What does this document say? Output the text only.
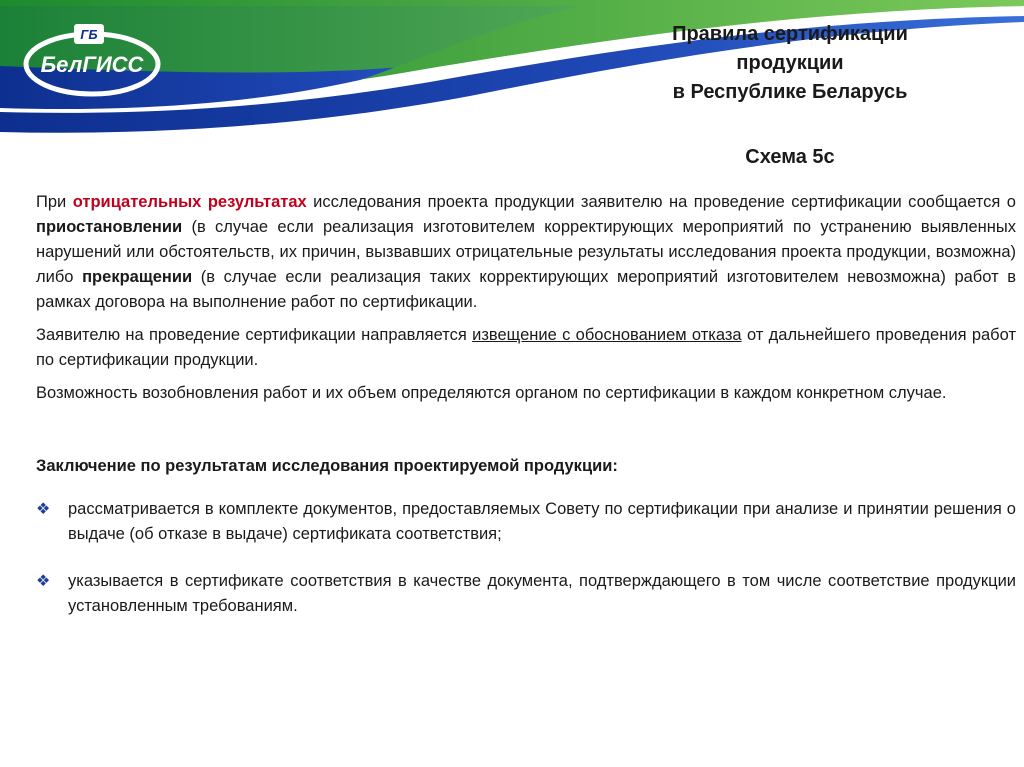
ГБ
БелГИСС
Правила сертификации
продукции
в Республике Беларусь
Схема 5с

При отрицательных результатах исследования проекта продукции заявителю на проведение сертификации сообщается о приостановлении (в случае если реализация изготовителем корректирующих мероприятий по устранению выявленных нарушений или обстоятельств, их причин, вызвавших отрицательные результаты исследования проекта продукции, возможна) либо прекращении (в случае если реализация таких корректирующих мероприятий изготовителем невозможна) работ в рамках договора на выполнение работ по сертификации.

Заявителю на проведение сертификации направляется извещение с обоснованием отказа от дальнейшего проведения работ по сертификации продукции.

Возможность возобновления работ и их объем определяются органом по сертификации в каждом конкретном случае.

Заключение по результатам исследования проектируемой продукции:

❖	рассматривается в комплекте документов, предоставляемых Совету по сертификации при анализе и принятии решения о выдаче (об отказе в выдаче) сертификата соответствия;
❖	указывается в сертификате соответствия в качестве документа, подтверждающего в том числе соответствие продукции установленным требованиям.
